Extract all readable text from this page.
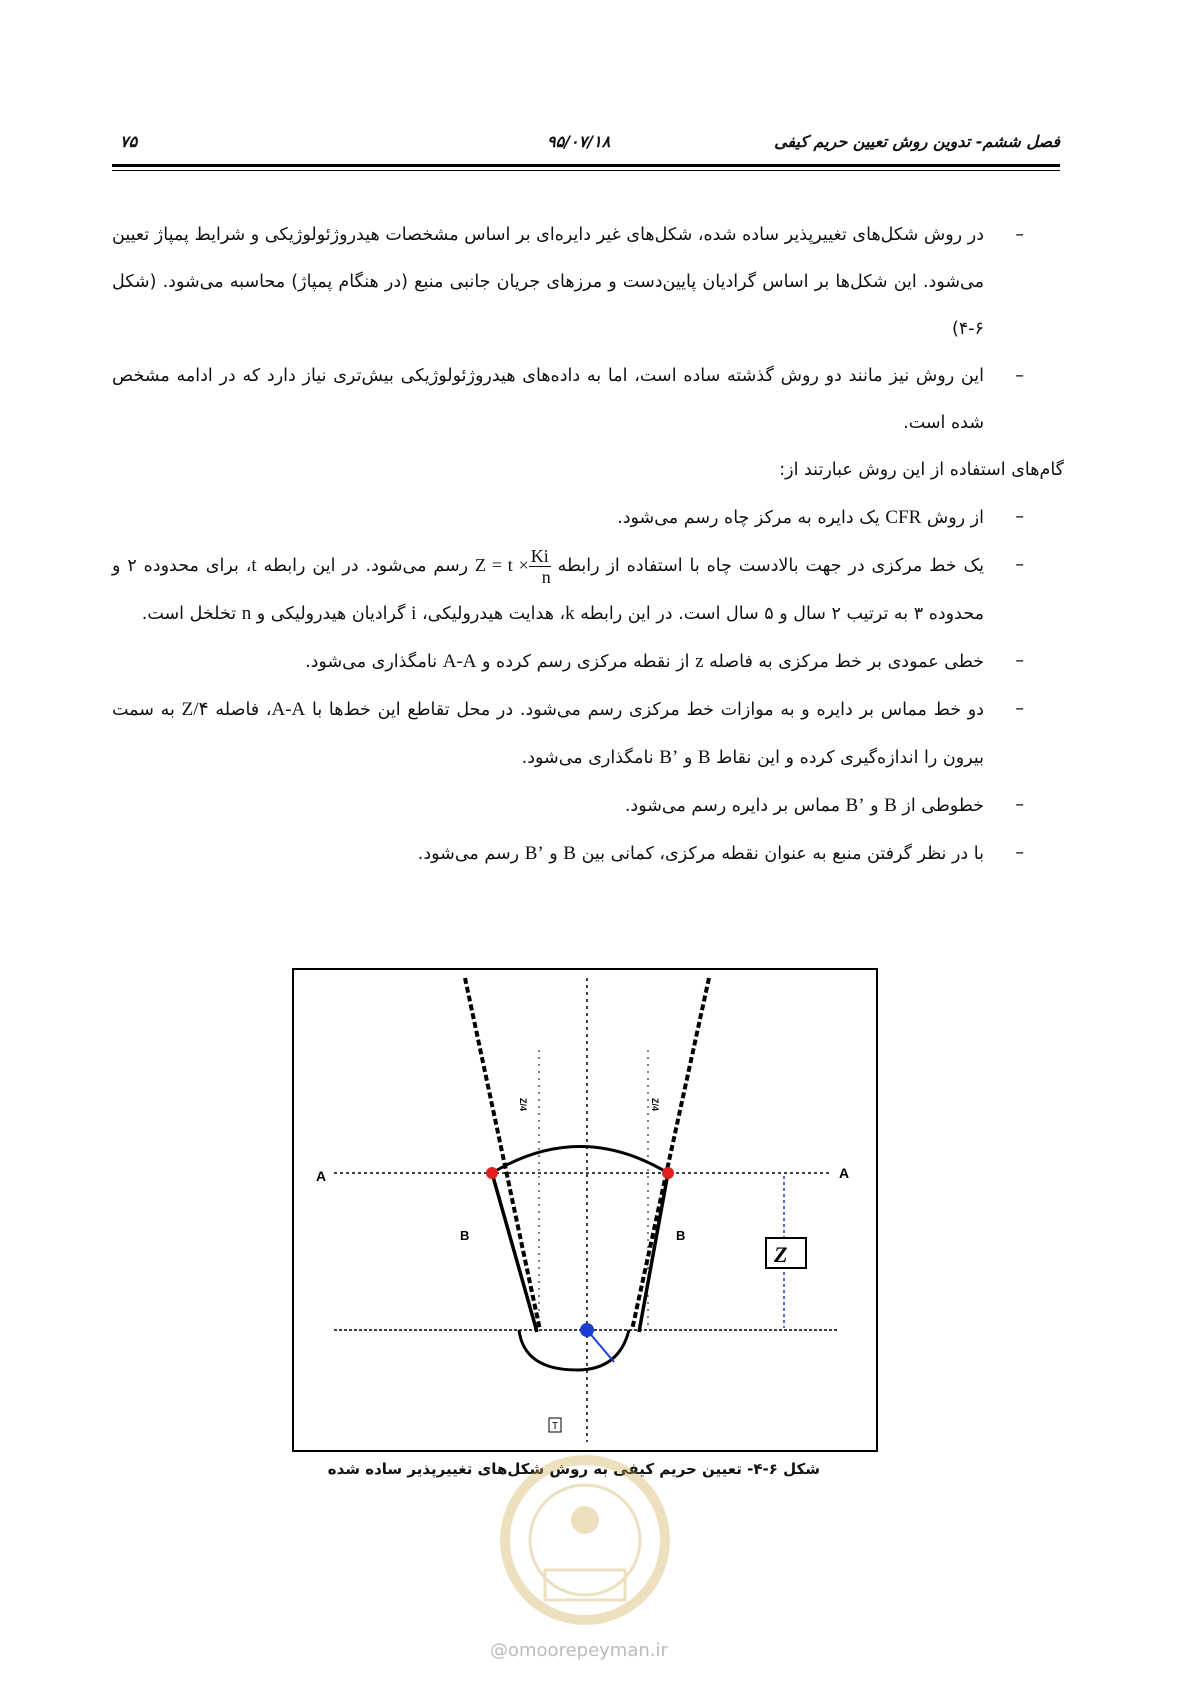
فصل ششم- تدوین روش تعیین حریم کیفی
۹۵/۰۷/۱۸
۷۵
–
در روش شکل‌های تغییرپذیر ساده شده، شکل‌های غیر دایره‌ای بر اساس مشخصات هیدروژئولوژیکی و شرایط پمپاژ تعیین می‌شود. این شکل‌ها بر اساس گرادیان پایین‌دست و مرزهای جریان جانبی منبع (در هنگام پمپاژ) محاسبه می‌شود. (شکل ۶-۴)
–
این روش نیز مانند دو روش گذشته ساده است، اما به داده‌های هیدروژئولوژیکی بیش‌تری نیاز دارد که در ادامه مشخص شده است.
گام‌های استفاده از این روش عبارتند از:
–
از روش CFR یک دایره به مرکز چاه رسم می‌شود.
–
یک خط مرکزی در جهت بالادست چاه با استفاده از رابطه $Z = t \times \frac{Ki}{n}$
رسم می‌شود. در این رابطه t، برای محدوده ۲ و محدوده ۳ به ترتیب ۲ سال و ۵ سال است. در این رابطه k، هدایت هیدرولیکی، i گرادیان هیدرولیکی و n تخلخل است.
–
خطی عمودی بر خط مرکزی به فاصله z از نقطه مرکزی رسم کرده و A-A نامگذاری می‌شود.
–
دو خط مماس بر دایره و به موازات خط مرکزی رسم می‌شود. در محل تقاطع این خط‌ها با A-A، فاصله Z/۴ به سمت بیرون را اندازه‌گیری کرده و این نقاط B و B’ نامگذاری می‌شود.
–
خطوطی از B و B’ مماس بر دایره رسم می‌شود.
–
با در نظر گرفتن منبع به عنوان نقطه مرکزی، کمانی بین B و B’ رسم می‌شود.
Z
A	A
B	B
Z/4	Z/4
T
شکل ۶-۴- تعیین حریم کیفی به روش شکل‌های تغییرپذیر ساده شده
@omoorepeyman.ir
